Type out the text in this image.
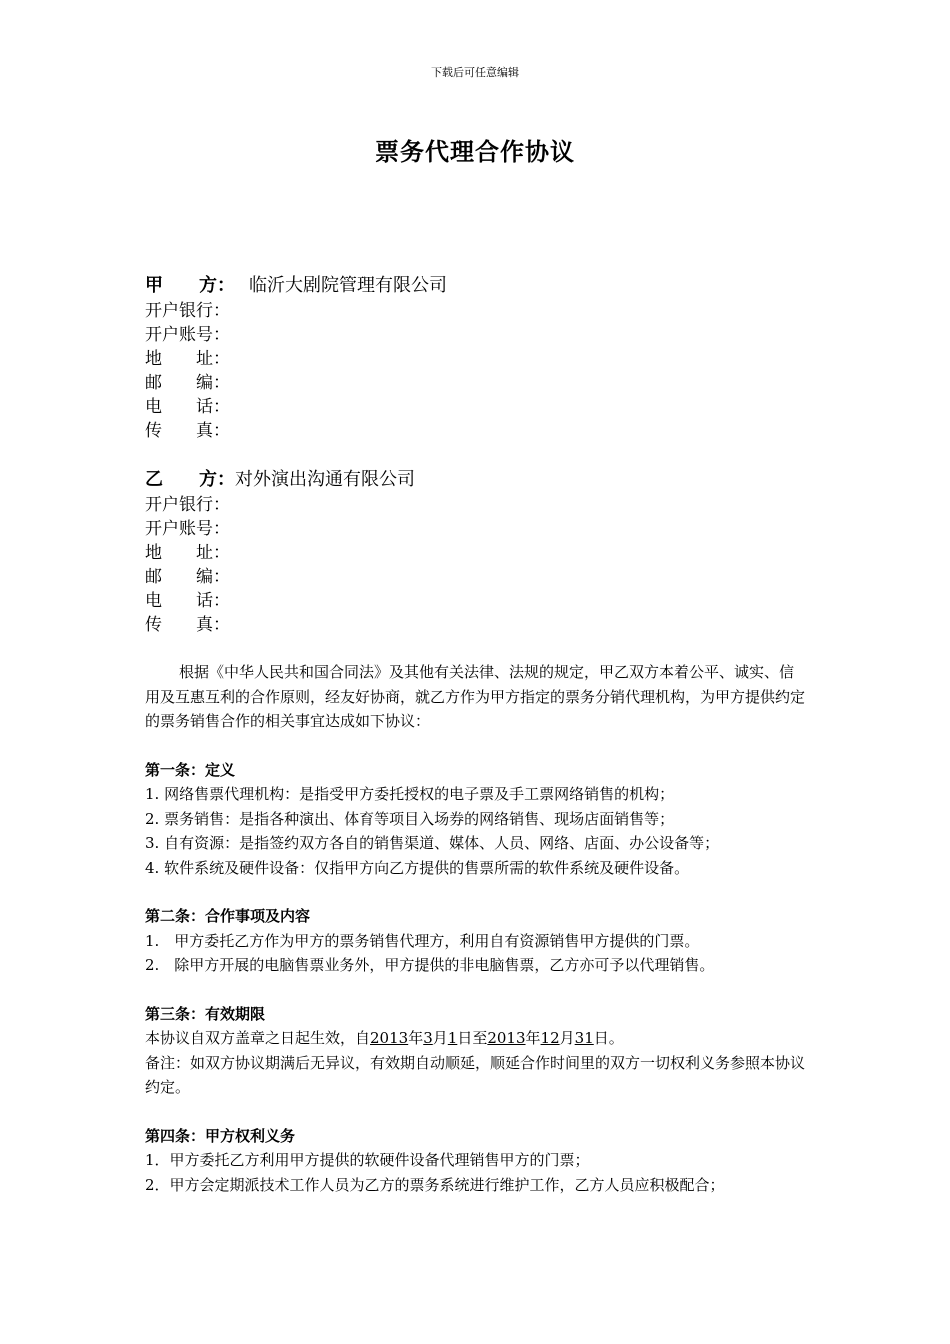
下载后可任意编辑
票务代理合作协议
甲　　方： 临沂大剧院管理有限公司
开户银行：
开户账号：
地　　址：
邮　　编：
电　　话：
传　　真：
乙　　方：对外演出沟通有限公司
开户银行：
开户账号：
地　　址：
邮　　编：
电　　话：
传　　真：

根据《中华人民共和国合同法》及其他有关法律、法规的规定，甲乙双方本着公平、诚实、信用及互惠互利的合作原则，经友好协商，就乙方作为甲方指定的票务分销代理机构，为甲方提供约定的票务销售合作的相关事宜达成如下协议：

第一条：定义

1. 网络售票代理机构：是指受甲方委托授权的电子票及手工票网络销售的机构；

2. 票务销售：是指各种演出、体育等项目入场券的网络销售、现场店面销售等；

3. 自有资源：是指签约双方各自的销售渠道、媒体、人员、网络、店面、办公设备等；

4. 软件系统及硬件设备：仅指甲方向乙方提供的售票所需的软件系统及硬件设备。

第二条：合作事项及内容

1.　甲方委托乙方作为甲方的票务销售代理方，利用自有资源销售甲方提供的门票。

2.　除甲方开展的电脑售票业务外，甲方提供的非电脑售票，乙方亦可予以代理销售。

第三条：有效期限

本协议自双方盖章之日起生效，自2013年3月1日至2013年12月31日。

备注：如双方协议期满后无异议，有效期自动顺延，顺延合作时间里的双方一切权利义务参照本协议约定。

第四条：甲方权利义务

1．甲方委托乙方利用甲方提供的软硬件设备代理销售甲方的门票；

2．甲方会定期派技术工作人员为乙方的票务系统进行维护工作，乙方人员应积极配合；
